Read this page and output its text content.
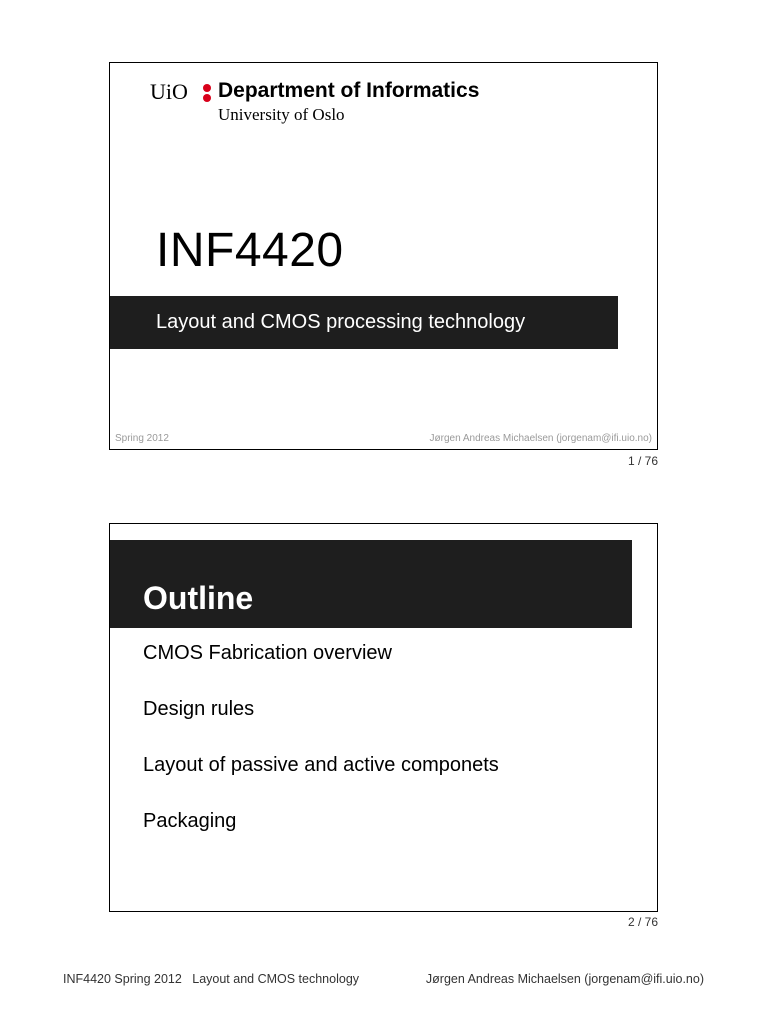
UiO Department of Informatics
University of Oslo
INF4420
Layout and CMOS processing technology
Spring 2012	Jørgen Andreas Michaelsen (jorgenam@ifi.uio.no)
1 / 76
Outline
CMOS Fabrication overview
Design rules
Layout of passive and active componets
Packaging
2 / 76
INF4420 Spring 2012   Layout and CMOS technology	Jørgen Andreas Michaelsen (jorgenam@ifi.uio.no)
